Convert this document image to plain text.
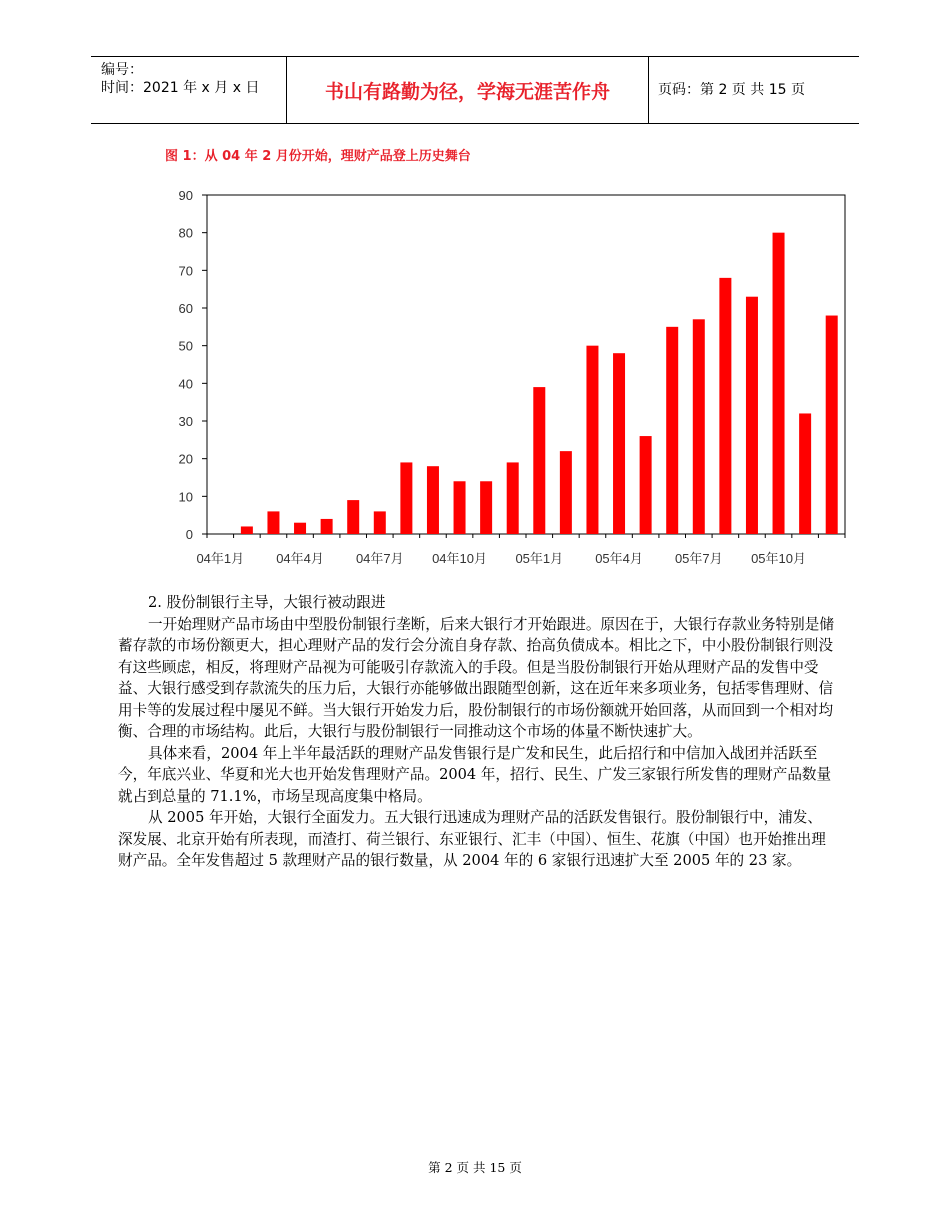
编号：
时间：2021 年 x 月 x 日	书山有路勤为径，学海无涯苦作舟	页码：第 2 页 共 15 页
图 1：从 04 年 2 月份开始，理财产品登上历史舞台
0
10
20
30
40
50
60
70
80
90
04年1月 04年4月 04年7月 04年10月 05年1月 05年4月 05年7月 05年10月

2. 股份制银行主导，大银行被动跟进

一开始理财产品市场由中型股份制银行垄断，后来大银行才开始跟进。原因在于，大银行存款业务特别是储蓄存款的市场份额更大，担心理财产品的发行会分流自身存款、抬高负债成本。相比之下，中小股份制银行则没有这些顾虑，相反，将理财产品视为可能吸引存款流入的手段。但是当股份制银行开始从理财产品的发售中受益、大银行感受到存款流失的压力后，大银行亦能够做出跟随型创新，这在近年来多项业务，包括零售理财、信用卡等的发展过程中屡见不鲜。当大银行开始发力后，股份制银行的市场份额就开始回落，从而回到一个相对均衡、合理的市场结构。此后，大银行与股份制银行一同推动这个市场的体量不断快速扩大。

具体来看，2004 年上半年最活跃的理财产品发售银行是广发和民生，此后招行和中信加入战团并活跃至今，年底兴业、华夏和光大也开始发售理财产品。2004 年，招行、民生、广发三家银行所发售的理财产品数量就占到总量的 71.1%，市场呈现高度集中格局。

从 2005 年开始，大银行全面发力。五大银行迅速成为理财产品的活跃发售银行。股份制银行中，浦发、深发展、北京开始有所表现，而渣打、荷兰银行、东亚银行、汇丰（中国）、恒生、花旗（中国）也开始推出理财产品。全年发售超过 5 款理财产品的银行数量，从 2004 年的 6 家银行迅速扩大至 2005 年的 23 家。

第 2 页 共 15 页
